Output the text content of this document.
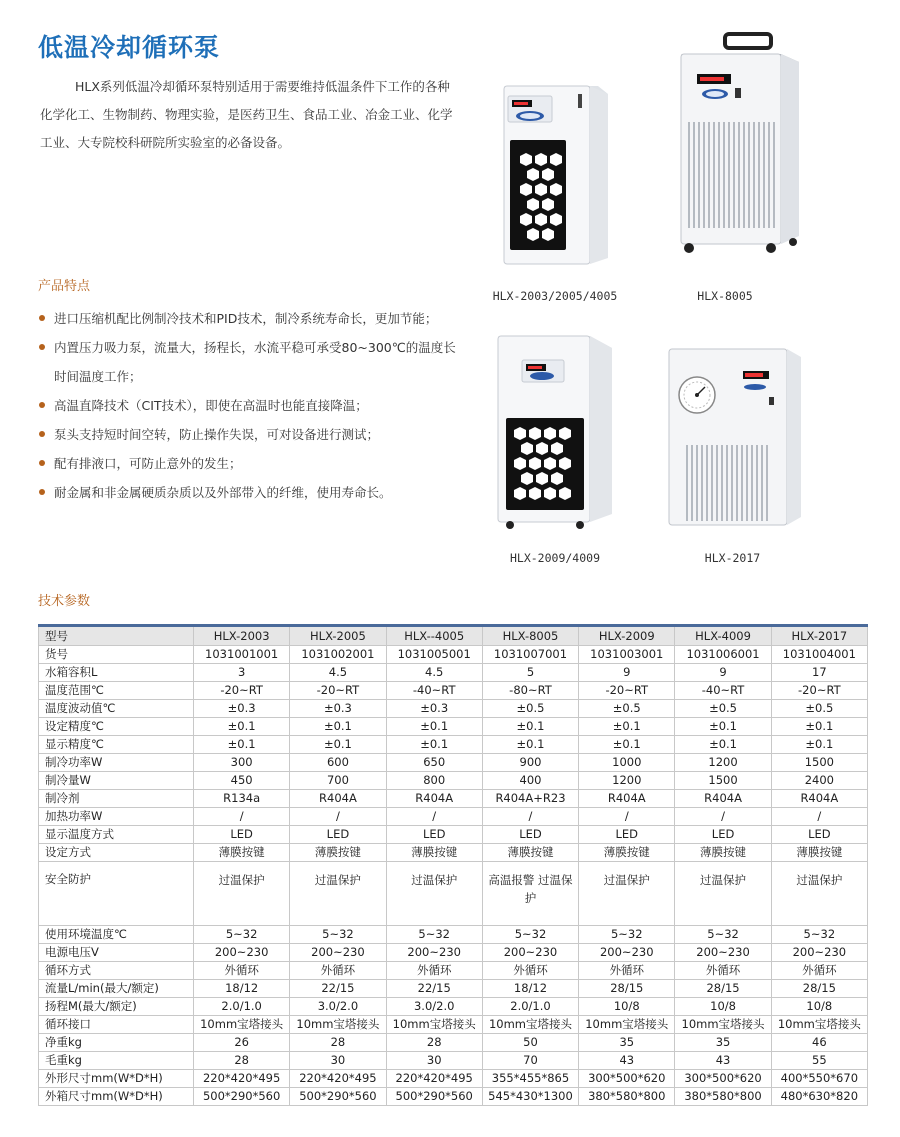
低温冷却循环泵

HLX系列低温冷却循环泵特别适用于需要维持低温条件下工作的各种化学化工、生物制药、物理实验，是医药卫生、食品工业、冶金工业、化学工业、大专院校科研院所实验室的必备设备。

产品特点
进口压缩机配比例制冷技术和PID技术，制冷系统寿命长，更加节能；
内置压力吸力泵，流量大，扬程长，水流平稳可承受80~300℃的温度长时间温度工作；
高温直降技术（CIT技术），即使在高温时也能直接降温；
泵头支持短时间空转，防止操作失误，可对设备进行测试；
配有排液口，可防止意外的发生；
耐金属和非金属硬质杂质以及外部带入的纤维，使用寿命长。
HLX-2003/2005/4005	HLX-8005
HLX-2009/4009	HLX-2017
技术参数
型号	HLX-2003	HLX-2005	HLX--4005	HLX-8005	HLX-2009	HLX-4009	HLX-2017
货号	1031001001	1031002001	1031005001	1031007001	1031003001	1031006001	1031004001
水箱容积L	3	4.5	4.5	5	9	9	17
温度范围℃	-20~RT	-20~RT	-40~RT	-80~RT	-20~RT	-40~RT	-20~RT
温度波动值℃	±0.3	±0.3	±0.3	±0.5	±0.5	±0.5	±0.5
设定精度℃	±0.1	±0.1	±0.1	±0.1	±0.1	±0.1	±0.1
显示精度℃	±0.1	±0.1	±0.1	±0.1	±0.1	±0.1	±0.1
制冷功率W	300	600	650	900	1000	1200	1500
制冷量W	450	700	800	400	1200	1500	2400
制冷剂	R134a	R404A	R404A	R404A+R23	R404A	R404A	R404A
加热功率W	/	/	/	/	/	/	/
显示温度方式	LED	LED	LED	LED	LED	LED	LED
设定方式	薄膜按键	薄膜按键	薄膜按键	薄膜按键	薄膜按键	薄膜按键	薄膜按键
安全防护	过温保护	过温保护	过温保护	高温报警 过温保护	过温保护	过温保护	过温保护
使用环境温度℃	5~32	5~32	5~32	5~32	5~32	5~32	5~32
电源电压V	200~230	200~230	200~230	200~230	200~230	200~230	200~230
循环方式	外循环	外循环	外循环	外循环	外循环	外循环	外循环
流量L/min(最大/额定)	18/12	22/15	22/15	18/12	28/15	28/15	28/15
扬程M(最大/额定)	2.0/1.0	3.0/2.0	3.0/2.0	2.0/1.0	10/8	10/8	10/8
循环接口	10mm宝塔接头	10mm宝塔接头	10mm宝塔接头	10mm宝塔接头	10mm宝塔接头	10mm宝塔接头	10mm宝塔接头
净重kg	26	28	28	50	35	35	46
毛重kg	28	30	30	70	43	43	55
外形尺寸mm(W*D*H)	220*420*495	220*420*495	220*420*495	355*455*865	300*500*620	300*500*620	400*550*670
外箱尺寸mm(W*D*H)	500*290*560	500*290*560	500*290*560	545*430*1300	380*580*800	380*580*800	480*630*820
